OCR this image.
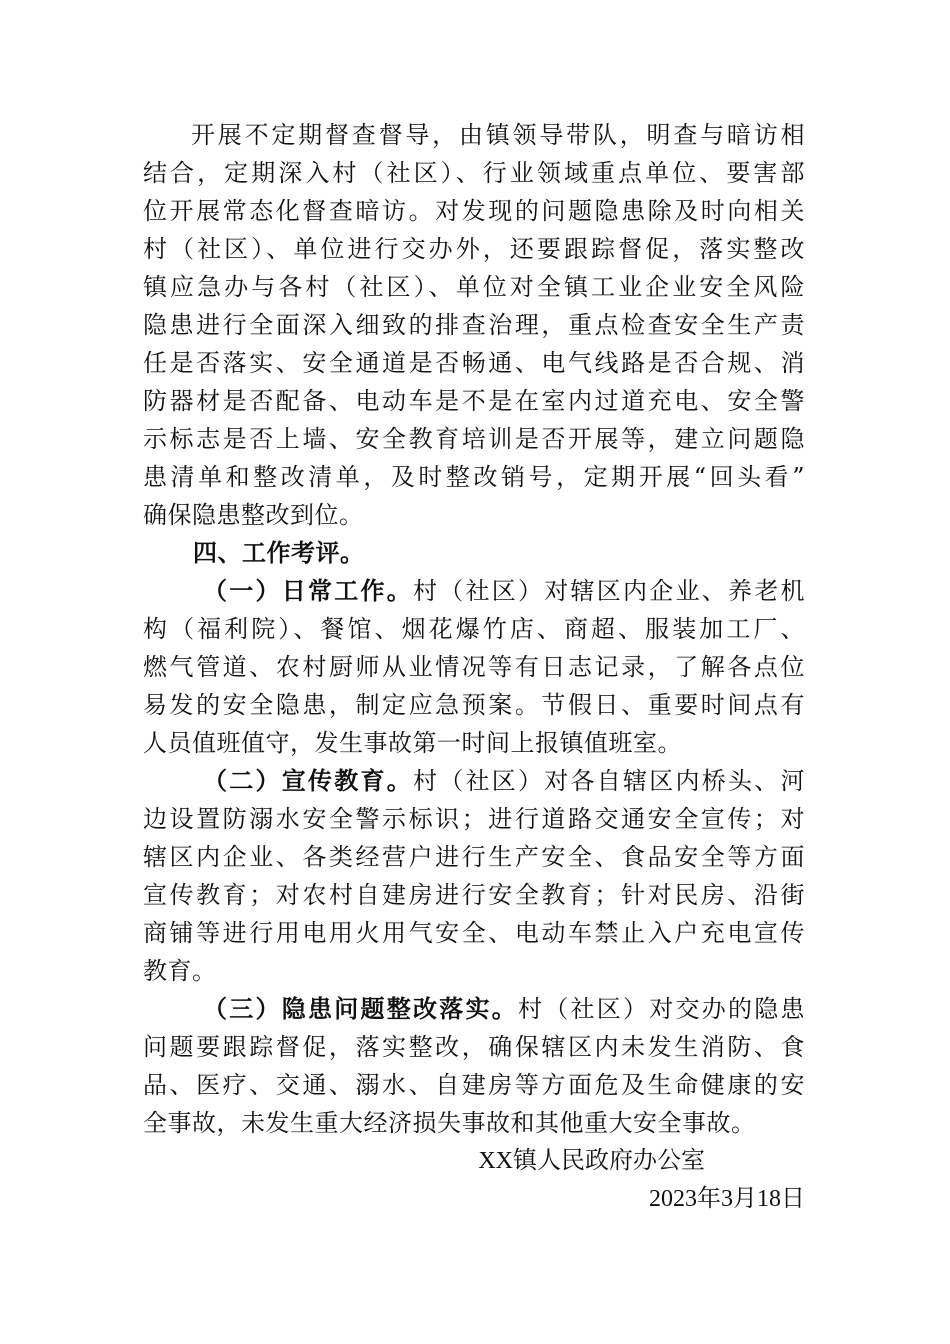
开展不定期督查督导，由镇领导带队，明查与暗访相
结合，定期深入村（社区）、行业领域重点单位、要害部
位开展常态化督查暗访。对发现的问题隐患除及时向相关
村（社区）、单位进行交办外，还要跟踪督促，落实整改
镇应急办与各村（社区）、单位对全镇工业企业安全风险
隐患进行全面深入细致的排查治理，重点检查安全生产责
任是否落实、安全通道是否畅通、电气线路是否合规、消
防器材是否配备、电动车是不是在室内过道充电、安全警
示标志是否上墙、安全教育培训是否开展等，建立问题隐
患清单和整改清单，及时整改销号，定期开展“回头看”
确保隐患整改到位。
四、工作考评。
（一）日常工作。村（社区）对辖区内企业、养老机
构（福利院）、餐馆、烟花爆竹店、商超、服装加工厂、
燃气管道、农村厨师从业情况等有日志记录，了解各点位
易发的安全隐患，制定应急预案。节假日、重要时间点有
人员值班值守，发生事故第一时间上报镇值班室。
（二）宣传教育。村（社区）对各自辖区内桥头、河
边设置防溺水安全警示标识；进行道路交通安全宣传；对
辖区内企业、各类经营户进行生产安全、食品安全等方面
宣传教育；对农村自建房进行安全教育；针对民房、沿街
商铺等进行用电用火用气安全、电动车禁止入户充电宣传
教育。
（三）隐患问题整改落实。村（社区）对交办的隐患
问题要跟踪督促，落实整改，确保辖区内未发生消防、食
品、医疗、交通、溺水、自建房等方面危及生命健康的安
全事故，未发生重大经济损失事故和其他重大安全事故。
XX镇人民政府办公室
2023年3月18日
